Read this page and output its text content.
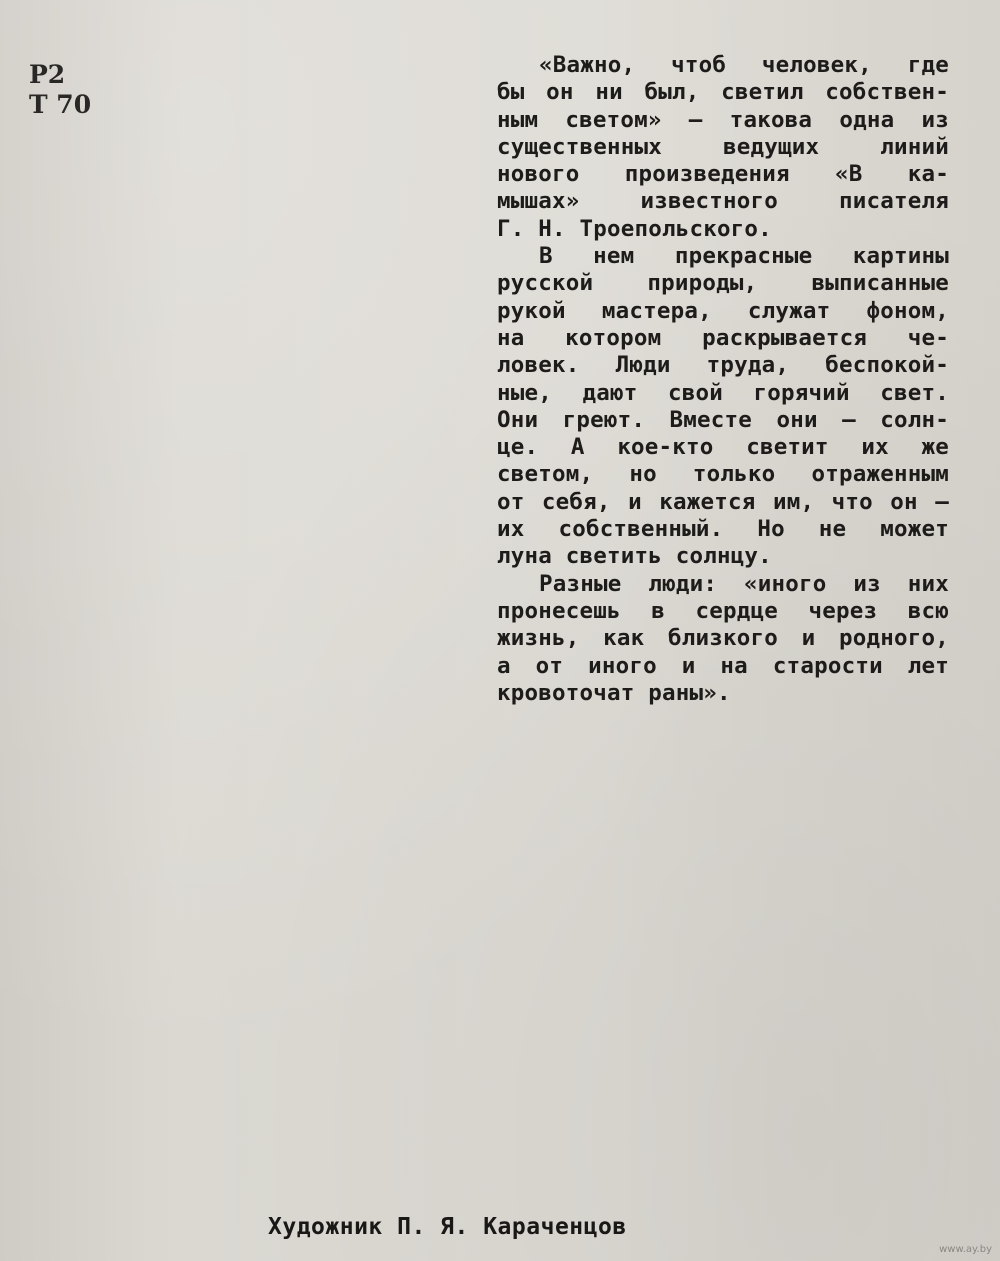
Р2
Т 70
«Важно, чтоб человек, где
бы он ни был, светил собствен-
ным светом» — такова одна из
существенных ведущих линий
нового произведения «В ка-
мышах» известного писателя
Г. Н. Троепольского.
В нем прекрасные картины
русской природы, выписанные
рукой мастера, служат фоном,
на котором раскрывается че-
ловек. Люди труда, беспокой-
ные, дают свой горячий свет.
Они греют. Вместе они — солн-
це. А кое-кто светит их же
светом, но только отраженным
от себя, и кажется им, что он —
их собственный. Но не может
луна светить солнцу.
Разные люди: «иного из них
пронесешь в сердце через всю
жизнь, как близкого и родного,
а от иного и на старости лет
кровоточат раны».
Художник П. Я. Караченцов
www.ay.by
